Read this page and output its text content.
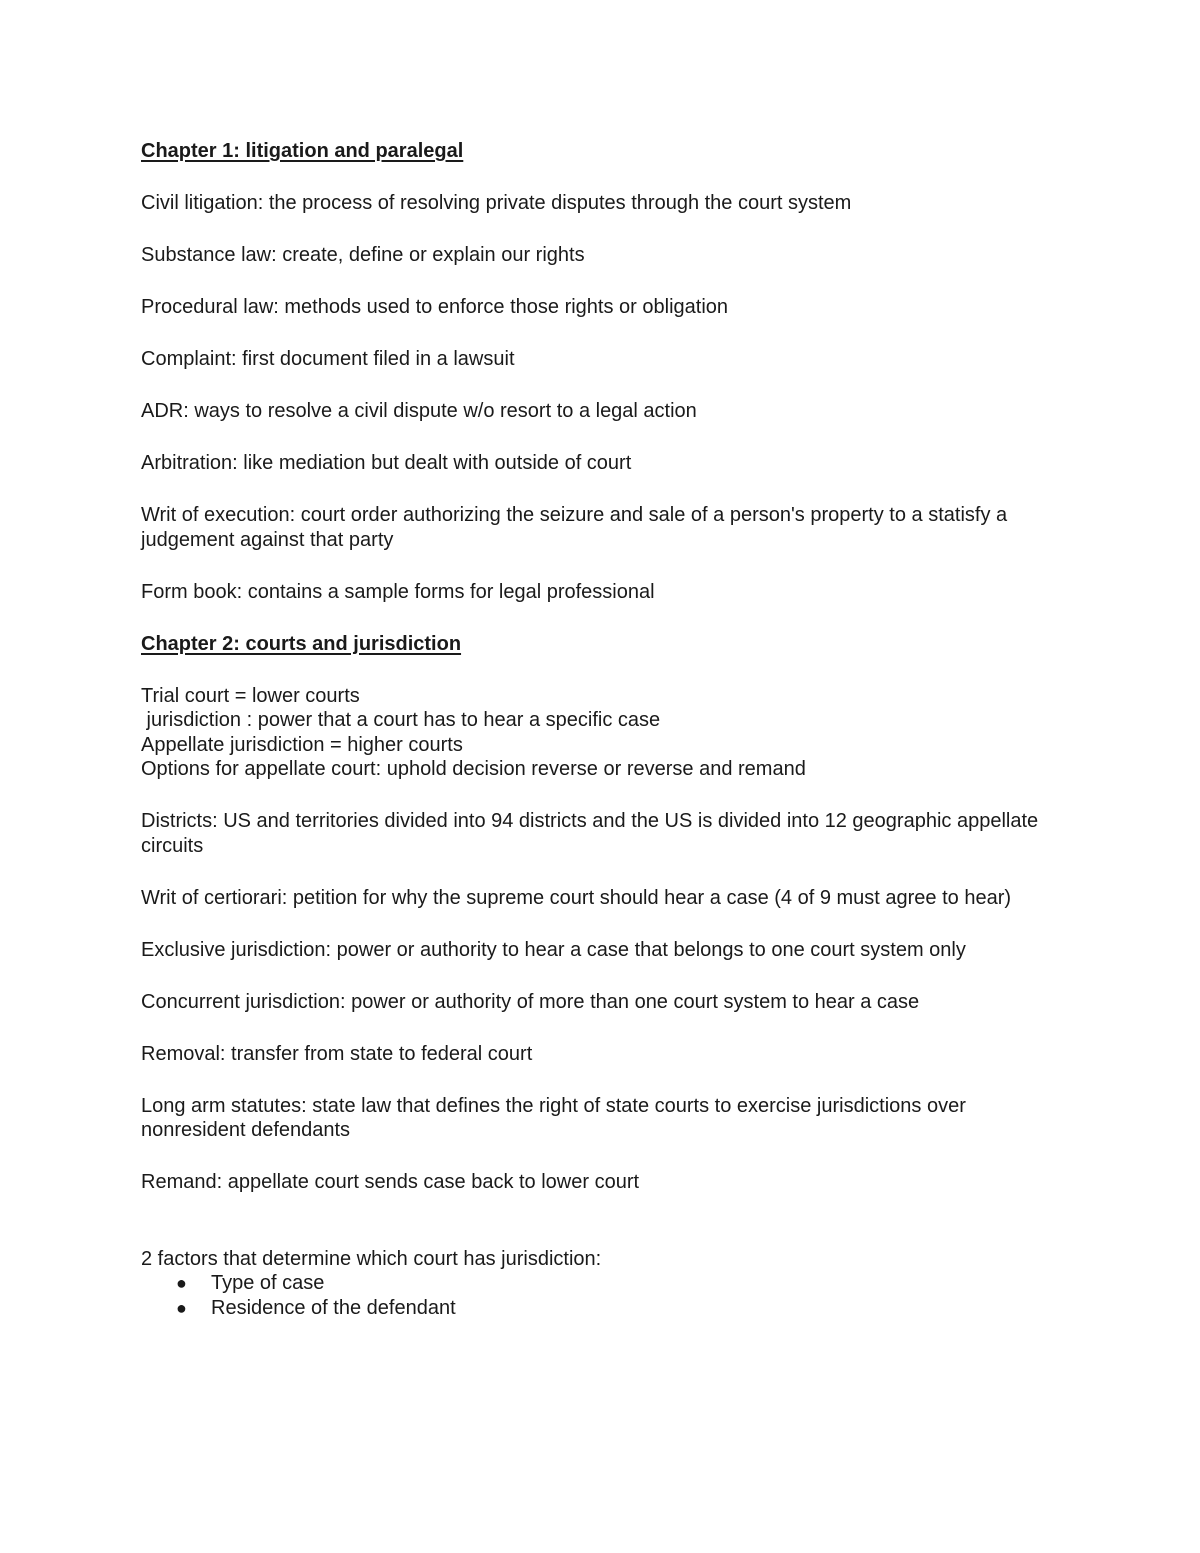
Chapter 1: litigation and paralegal

Civil litigation: the process of resolving private disputes through the court system

Substance law: create, define or explain our rights

Procedural law: methods used to enforce those rights or obligation

Complaint: first document filed in a lawsuit

ADR: ways to resolve a civil dispute w/o resort to a legal action

Arbitration: like mediation but dealt with outside of court

Writ of execution: court order authorizing the seizure and sale of a person's property to a statisfy a judgement against that party

Form book: contains a sample forms for legal professional

Chapter 2: courts and jurisdiction

Trial court = lower courts

jurisdiction : power that a court has to hear a specific case

Appellate jurisdiction = higher courts

Options for appellate court: uphold decision reverse or reverse and remand

Districts: US and territories divided into 94 districts and the US is divided into 12 geographic appellate circuits

Writ of certiorari: petition for why the supreme court should hear a case (4 of 9 must agree to hear)

Exclusive jurisdiction: power or authority to hear a case that belongs to one court system only

Concurrent jurisdiction: power or authority of more than one court system to hear a case

Removal: transfer from state to federal court

Long arm statutes: state law that defines the right of state courts to exercise jurisdictions over nonresident defendants

Remand: appellate court sends case back to lower court

2 factors that determine which court has jurisdiction:

● Type of case
● Residence of the defendant
